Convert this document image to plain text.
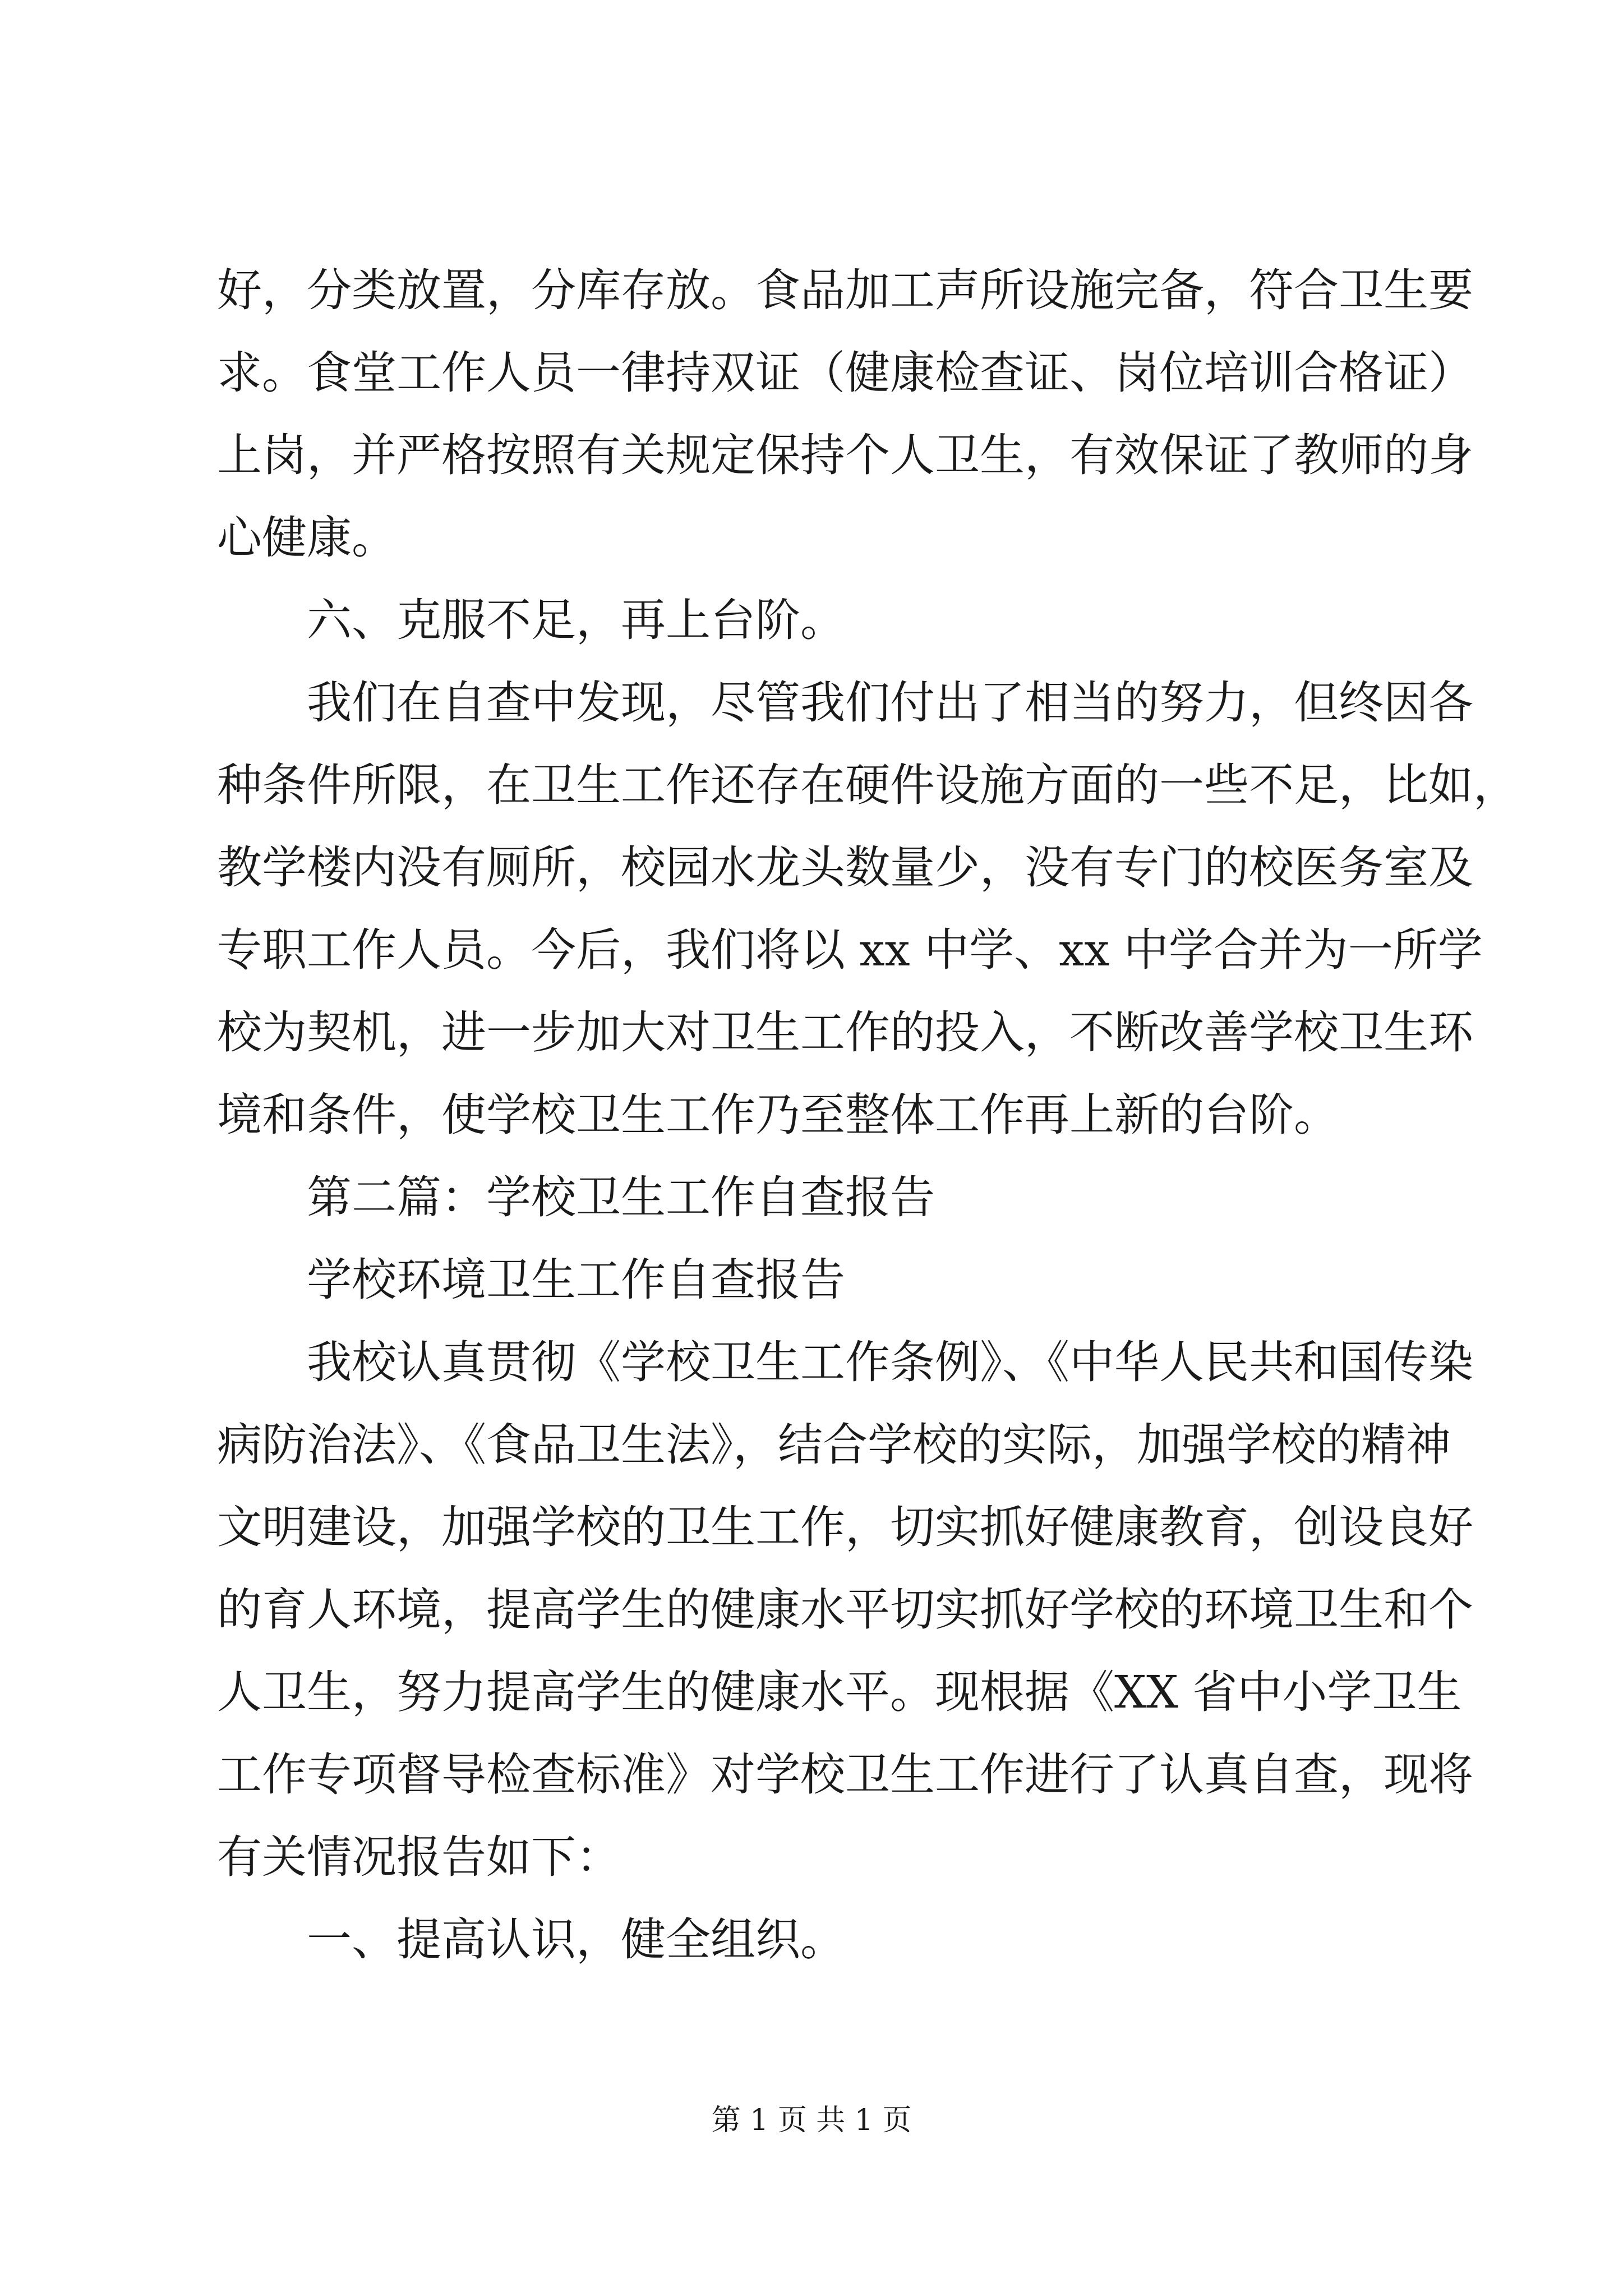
好，分类放置，分库存放。食品加工声所设施完备，符合卫生要
求。食堂工作人员一律持双证（健康检查证、岗位培训合格证）
上岗，并严格按照有关规定保持个人卫生，有效保证了教师的身
心健康。
六、克服不足，再上台阶。
我们在自查中发现，尽管我们付出了相当的努力，但终因各
种条件所限，在卫生工作还存在硬件设施方面的一些不足，比如，
教学楼内没有厕所，校园水龙头数量少，没有专门的校医务室及
专职工作人员。今后，我们将以 xx 中学、xx 中学合并为一所学
校为契机，进一步加大对卫生工作的投入，不断改善学校卫生环
境和条件，使学校卫生工作乃至整体工作再上新的台阶。
第二篇：学校卫生工作自查报告
学校环境卫生工作自查报告
我校认真贯彻《学校卫生工作条例》、《中华人民共和国传染
病防治法》、《食品卫生法》，结合学校的实际，加强学校的精神
文明建设，加强学校的卫生工作，切实抓好健康教育，创设良好
的育人环境，提高学生的健康水平切实抓好学校的环境卫生和个
人卫生，努力提高学生的健康水平。现根据《XX 省中小学卫生
工作专项督导检查标准》对学校卫生工作进行了认真自查，现将
有关情况报告如下：
一、提高认识，健全组织。
第 1 页 共 1 页
